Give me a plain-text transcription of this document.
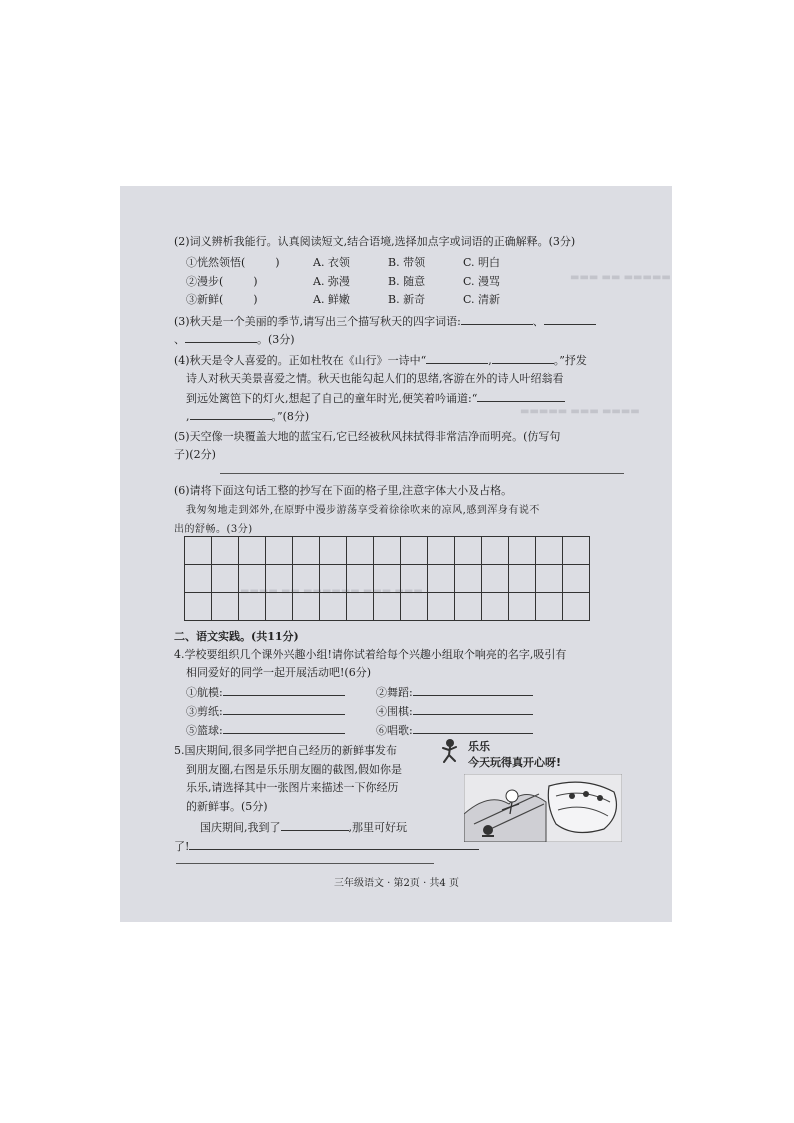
▬▬▬ ▬▬ ▬▬▬▬▬
▬▬▬▬▬ ▬▬▬ ▬▬▬▬
▬▬▬▬ ▬▬ ▬▬▬▬▬▬ ▬▬▬ ▬▬▬
(2)词义辨析我能行。认真阅读短文,结合语境,选择加点字或词语的正确解释。(3分)
①恍然领悟(	)	A. 衣领	B. 带领	C. 明白
②漫步(	)	A. 弥漫	B. 随意	C. 漫骂
③新鲜(	)	A. 鲜嫩	B. 新奇	C. 清新
(3)秋天是一个美丽的季节,请写出三个描写秋天的四字词语:	、
、	。(3分)
(4)秋天是令人喜爱的。正如杜牧在《山行》一诗中“	,	。”抒发
诗人对秋天美景喜爱之情。秋天也能勾起人们的思绪,客游在外的诗人叶绍翁看
到远处篱笆下的灯火,想起了自己的童年时光,便笑着吟诵道:“
,	。”(8分)
(5)天空像一块覆盖大地的蓝宝石,它已经被秋风抹拭得非常洁净而明亮。(仿写句
子)(2分)
(6)请将下面这句话工整的抄写在下面的格子里,注意字体大小及占格。
我匆匆地走到郊外,在原野中漫步游荡享受着徐徐吹来的凉风,感到浑身有说不
出的舒畅。(3分)

二、语文实践。(共11分)
4.学校要组织几个课外兴趣小组!请你试着给每个兴趣小组取个响亮的名字,吸引有
相同爱好的同学一起开展活动吧!(6分)
①航模:	②舞蹈:
③剪纸:	④围棋:
⑤篮球:	⑥唱歌:
5.国庆期间,很多同学把自己经历的新鲜事发布
到朋友圈,右图是乐乐朋友圈的截图,假如你是
乐乐,请选择其中一张图片来描述一下你经历
的新鲜事。(5分)
国庆期间,我到了	,那里可好玩
了!
乐乐
今天玩得真开心呀!
三年级语文 · 第2页 · 共4 页
